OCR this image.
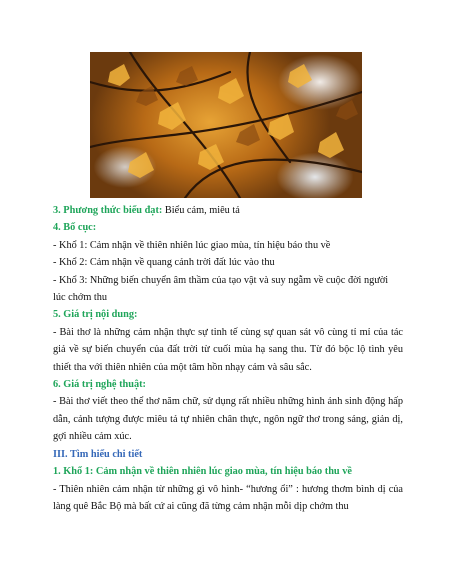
3. Phương thức biểu đạt: Biểu cảm, miêu tả

4. Bố cục:

- Khổ 1: Cảm nhận về thiên nhiên lúc giao mùa, tín hiệu báo thu về

- Khổ 2: Cảm nhận về quang cảnh trời đất lúc vào thu

- Khổ 3: Những biến chuyển âm thầm của tạo vật và suy ngẫm về cuộc đời người lúc chớm thu

5. Giá trị nội dung:

- Bài thơ là những cảm nhận thực sự tinh tế cùng sự quan sát vô cùng tỉ mỉ của tác giả về sự biến chuyển của đất trời từ cuối mùa hạ sang thu. Từ đó bộc lộ tình yêu thiết tha với thiên nhiên của một tâm hồn nhạy cảm và sâu sắc.

6. Giá trị nghệ thuật:

- Bài thơ viết theo thể thơ năm chữ, sử dụng rất nhiều những hình ảnh sinh động hấp dẫn, cảnh tượng được miêu tả tự nhiên chân thực, ngôn ngữ thơ trong sáng, giản dị, gợi nhiều cảm xúc.

III. Tìm hiểu chi tiết

1. Khổ 1: Cảm nhận về thiên nhiên lúc giao mùa, tín hiệu báo thu về

- Thiên nhiên cảm nhận từ những gì vô hình- “hương ổi” : hương thơm bình dị của làng quê Bắc Bộ mà bất cứ ai cũng đã từng cảm nhận mỗi dịp chớm thu
